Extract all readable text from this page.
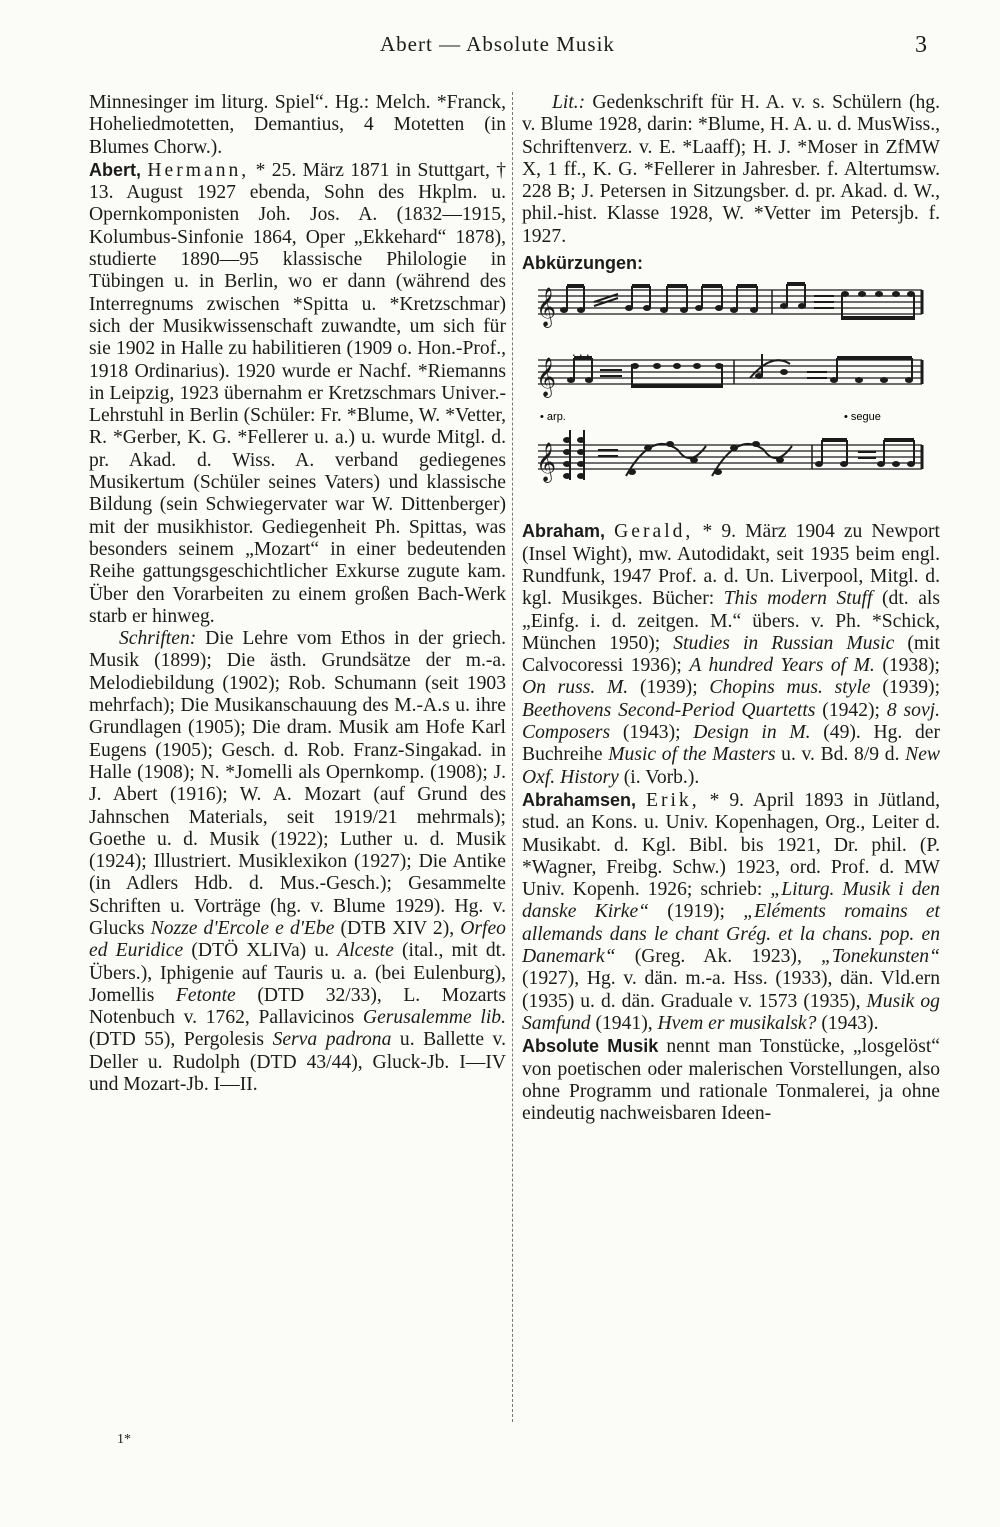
Abert — Absolute Musik	3

Minnesinger im liturg. Spiel“. Hg.: Melch. *Franck, Hoheliedmotetten, Demantius, 4 Motetten (in Blumes Chorw.).

Abert, Hermann, * 25. März 1871 in Stuttgart, † 13. August 1927 ebenda, Sohn des Hkplm. u. Opernkomponisten Joh. Jos. A. (1832—1915, Kolumbus-Sinfonie 1864, Oper „Ekkehard“ 1878), studierte 1890—95 klassische Philologie in Tübingen u. in Berlin, wo er dann (während des Interregnums zwischen *Spitta u. *Kretzschmar) sich der Musikwissenschaft zuwandte, um sich für sie 1902 in Halle zu habilitieren (1909 o. Hon.-Prof., 1918 Ordinarius). 1920 wurde er Nachf. *Riemanns in Leipzig, 1923 übernahm er Kretzschmars Univer.-Lehrstuhl in Berlin (Schüler: Fr. *Blume, W. *Vetter, R. *Gerber, K. G. *Fellerer u. a.) u. wurde Mitgl. d. pr. Akad. d. Wiss. A. verband gediegenes Musikertum (Schüler seines Vaters) und klassische Bildung (sein Schwiegervater war W. Dittenberger) mit der musikhistor. Gediegenheit Ph. Spittas, was besonders seinem „Mozart“ in einer bedeutenden Reihe gattungsgeschichtlicher Exkurse zugute kam. Über den Vorarbeiten zu einem großen Bach-Werk starb er hinweg.

Schriften: Die Lehre vom Ethos in der griech. Musik (1899); Die ästh. Grundsätze der m.-a. Melodiebildung (1902); Rob. Schumann (seit 1903 mehrfach); Die Musikanschauung des M.-A.s u. ihre Grundlagen (1905); Die dram. Musik am Hofe Karl Eugens (1905); Gesch. d. Rob. Franz-Singakad. in Halle (1908); N. *Jomelli als Opernkomp. (1908); J. J. Abert (1916); W. A. Mozart (auf Grund des Jahnschen Materials, seit 1919/21 mehrmals); Goethe u. d. Musik (1922); Luther u. d. Musik (1924); Illustriert. Musiklexikon (1927); Die Antike (in Adlers Hdb. d. Mus.-Gesch.); Gesammelte Schriften u. Vorträge (hg. v. Blume 1929). Hg. v. Glucks Nozze d'Ercole e d'Ebe (DTB XIV 2), Orfeo ed Euridice (DTÖ XLIVa) u. Alceste (ital., mit dt. Übers.), Iphigenie auf Tauris u. a. (bei Eulenburg), Jomellis Fetonte (DTD 32/33), L. Mozarts Notenbuch v. 1762, Pallavicinos Gerusalemme lib. (DTD 55), Pergolesis Serva padrona u. Ballette v. Deller u. Rudolph (DTD 43/44), Gluck-Jb. I—IV und Mozart-Jb. I—II.

Lit.: Gedenkschrift für H. A. v. s. Schülern (hg. v. Blume 1928, darin: *Blume, H. A. u. d. MusWiss., Schriftenverz. v. E. *Laaff); H. J. *Moser in ZfMW X, 1 ff., K. G. *Fellerer in Jahresber. f. Altertumsw. 228 B; J. Petersen in Sitzungsber. d. pr. Akad. d. W., phil.-hist. Klasse 1928, W. *Vetter im Petersjb. f. 1927.

Abkürzungen:
𝄞
𝄞
. . .
• arp.	• segue
𝄞

Abraham, Gerald, * 9. März 1904 zu Newport (Insel Wight), mw. Autodidakt, seit 1935 beim engl. Rundfunk, 1947 Prof. a. d. Un. Liverpool, Mitgl. d. kgl. Musikges. Bücher: This modern Stuff (dt. als „Einfg. i. d. zeitgen. M.“ übers. v. Ph. *Schick, München 1950); Studies in Russian Music (mit Calvocoressi 1936); A hundred Years of M. (1938); On russ. M. (1939); Chopins mus. style (1939); Beethovens Second-Period Quartetts (1942); 8 sovj. Composers (1943); Design in M. (49). Hg. der Buchreihe Music of the Masters u. v. Bd. 8/9 d. New Oxf. History (i. Vorb.).

Abrahamsen, Erik, * 9. April 1893 in Jütland, stud. an Kons. u. Univ. Kopenhagen, Org., Leiter d. Musikabt. d. Kgl. Bibl. bis 1921, Dr. phil. (P. *Wagner, Freibg. Schw.) 1923, ord. Prof. d. MW Univ. Kopenh. 1926; schrieb: „Liturg. Musik i den danske Kirke“ (1919); „Eléments romains et allemands dans le chant Grég. et la chans. pop. en Danemark“ (Greg. Ak. 1923), „Tonekunsten“ (1927), Hg. v. dän. m.-a. Hss. (1933), dän. Vld.ern (1935) u. d. dän. Graduale v. 1573 (1935), Musik og Samfund (1941), Hvem er musikalsk? (1943).

Absolute Musik nennt man Tonstücke, „losgelöst“ von poetischen oder malerischen Vorstellungen, also ohne Programm und rationale Tonmalerei, ja ohne eindeutig nachweisbaren Ideen-

1*
